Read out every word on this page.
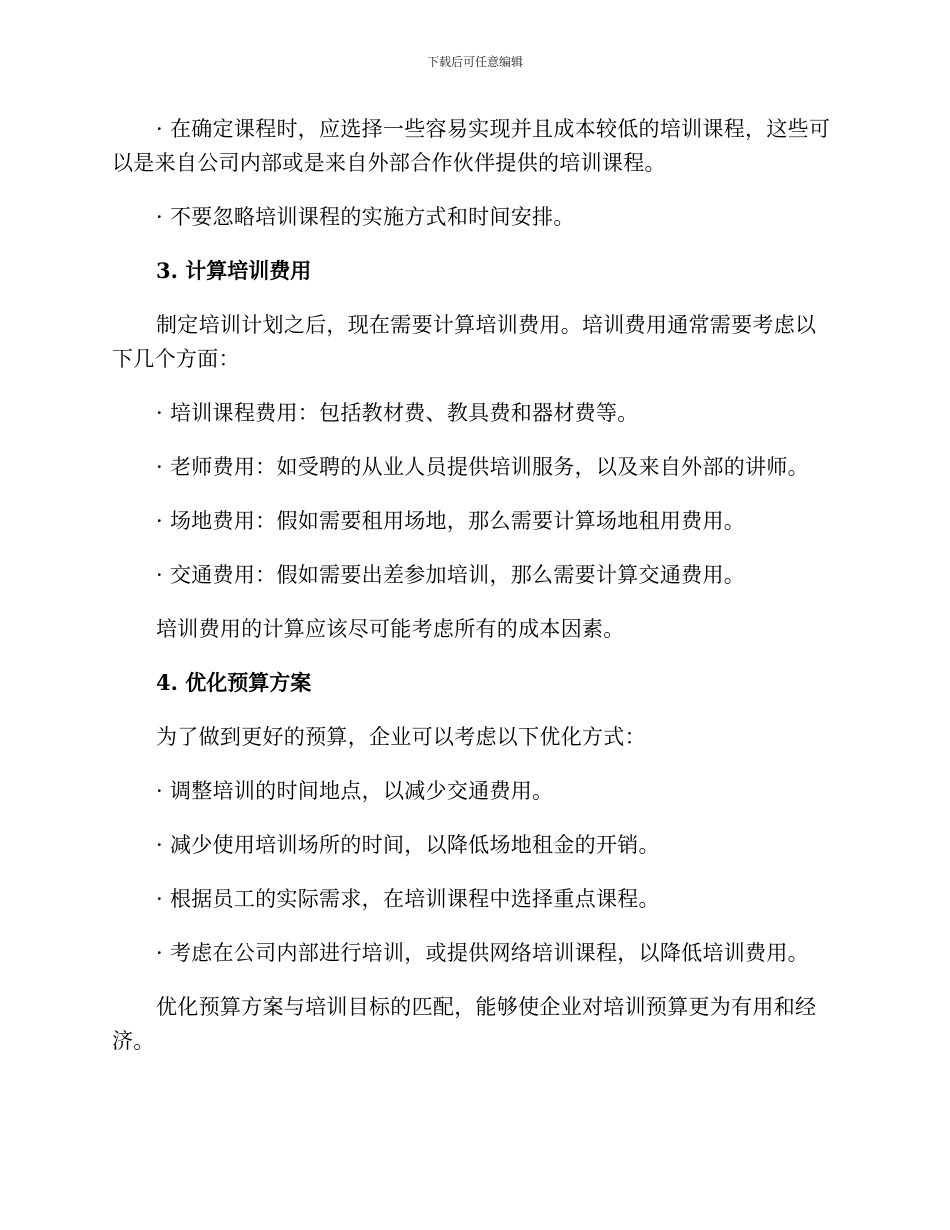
下载后可任意编辑

· 在确定课程时，应选择一些容易实现并且成本较低的培训课程，这些可以是来自公司内部或是来自外部合作伙伴提供的培训课程。

· 不要忽略培训课程的实施方式和时间安排。

3. 计算培训费用

制定培训计划之后，现在需要计算培训费用。培训费用通常需要考虑以下几个方面：

· 培训课程费用：包括教材费、教具费和器材费等。

· 老师费用：如受聘的从业人员提供培训服务，以及来自外部的讲师。

· 场地费用：假如需要租用场地，那么需要计算场地租用费用。

· 交通费用：假如需要出差参加培训，那么需要计算交通费用。

培训费用的计算应该尽可能考虑所有的成本因素。

4. 优化预算方案

为了做到更好的预算，企业可以考虑以下优化方式：

· 调整培训的时间地点，以减少交通费用。

· 减少使用培训场所的时间，以降低场地租金的开销。

· 根据员工的实际需求，在培训课程中选择重点课程。

· 考虑在公司内部进行培训，或提供网络培训课程，以降低培训费用。

优化预算方案与培训目标的匹配，能够使企业对培训预算更为有用和经济。
